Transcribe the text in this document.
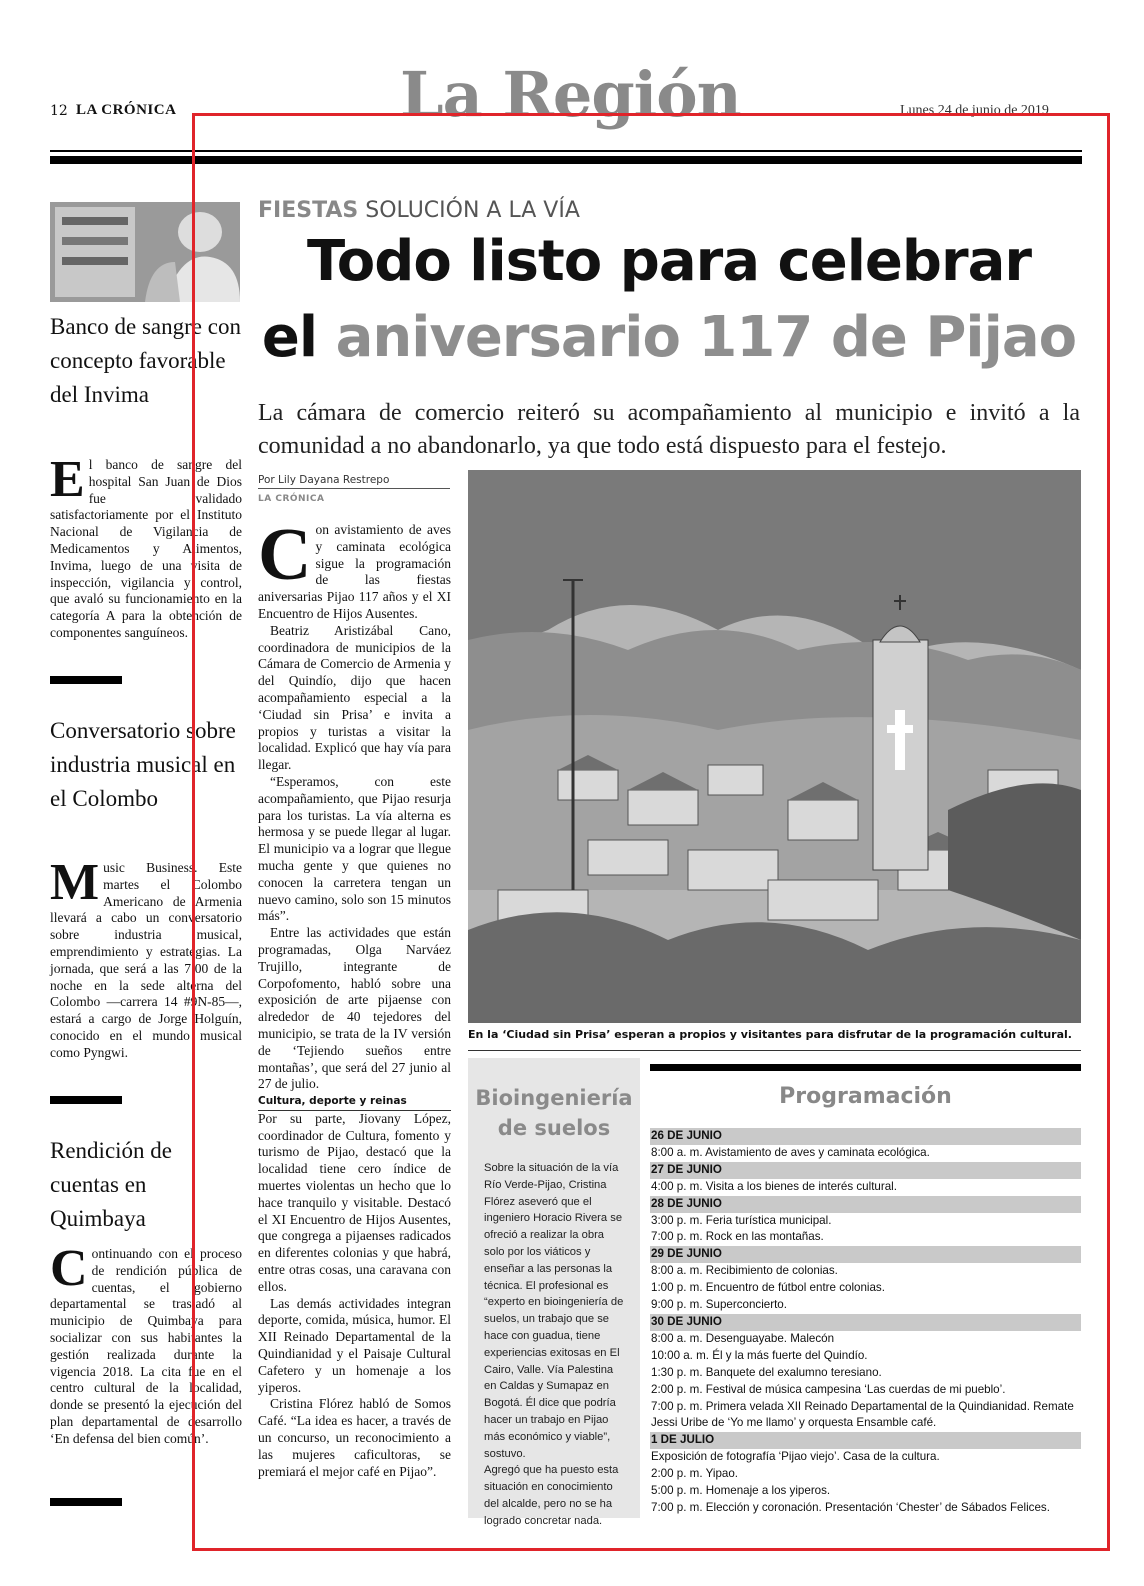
12 LA CRÓNICA	La Región	Lunes 24 de junio de 2019
Banco de sangre con concepto favorable del Invima
El banco de sangre del hospital San Juan de Dios fue validado satisfactoriamente por el Instituto Nacional de Vigilancia de Medicamentos y Alimentos, Invima, luego de una visita de inspección, vigilancia y control, que avaló su funcionamiento en la categoría A para la obtención de componentes sanguíneos.
Conversatorio sobre industria musical en el Colombo
Music Business. Este martes el Colombo Americano de Armenia llevará a cabo un conversatorio sobre industria musical, emprendimiento y estrategias. La jornada, que será a las 7:00 de la noche en la sede alterna del Colombo —carrera 14 #9N-85—, estará a cargo de Jorge Holguín, conocido en el mundo musical como Pyngwi.
Rendición de cuentas en Quimbaya
Continuando con el proceso de rendición pública de cuentas, el gobierno departamental se trasladó al municipio de Quimbaya para socializar con sus habitantes la gestión realizada durante la vigencia 2018. La cita fue en el centro cultural de la localidad, donde se presentó la ejecución del plan departamental de desarrollo ‘En defensa del bien común’.
FIESTAS SOLUCIÓN A LA VÍA
Todo listo para celebrar
el aniversario 117 de Pijao
La cámara de comercio reiteró su acompañamiento al municipio e invitó a la comunidad a no abandonarlo, ya que todo está dispuesto para el festejo.
Por Lily Dayana Restrepo
LA CRÓNICA

Con avistamiento de aves y caminata ecológica sigue la programación de las fiestas aniversarias Pijao 117 años y el XI Encuentro de Hijos Ausentes.

Beatriz Aristizábal Cano, coordinadora de municipios de la Cámara de Comercio de Armenia y del Quindío, dijo que hacen acompañamiento especial a la ‘Ciudad sin Prisa’ e invita a propios y turistas a visitar la localidad. Explicó que hay vía para llegar.

“Esperamos, con este acompañamiento, que Pijao resurja para los turistas. La vía alterna es hermosa y se puede llegar al lugar. El municipio va a lograr que llegue mucha gente y que quienes no conocen la carretera tengan un nuevo camino, solo son 15 minutos más”.

Entre las actividades que están programadas, Olga Narváez Trujillo, integrante de Corpofomento, habló sobre una exposición de arte pijaense con alrededor de 40 tejedores del municipio, se trata de la IV versión de ‘Tejiendo sueños entre montañas’, que será del 27 junio al 27 de julio.

Cultura, deporte y reinas

Por su parte, Jiovany López, coordinador de Cultura, fomento y turismo de Pijao, destacó que la localidad tiene cero índice de muertes violentas un hecho que lo hace tranquilo y visitable. Destacó el XI Encuentro de Hijos Ausentes, que congrega a pijaenses radicados en diferentes colonias y que habrá, entre otras cosas, una caravana con ellos.

Las demás actividades integran deporte, comida, música, humor. El XII Reinado Departamental de la Quindianidad y el Paisaje Cultural Cafetero y un homenaje a los yiperos.

Cristina Flórez habló de Somos Café. “La idea es hacer, a través de un concurso, un reconocimiento a las mujeres caficultoras, se premiará el mejor café en Pijao”.

En la ‘Ciudad sin Prisa’ esperan a propios y visitantes para disfrutar de la programación cultural.
Bioingeniería
de suelos

Sobre la situación de la vía Río Verde-Pijao, Cristina Flórez aseveró que el ingeniero Horacio Rivera se ofreció a realizar la obra solo por los viáticos y enseñar a las personas la técnica. El profesional es “experto en bioingeniería de suelos, un trabajo que se hace con guadua, tiene experiencias exitosas en El Cairo, Valle. Vía Palestina en Caldas y Sumapaz en Bogotá. Él dice que podría hacer un trabajo en Pijao más económico y viable”, sostuvo.

Agregó que ha puesto esta situación en conocimiento del alcalde, pero no se ha logrado concretar nada.

Programación
26 DE JUNIO
8:00 a. m. Avistamiento de aves y caminata ecológica.
27 DE JUNIO
4:00 p. m. Visita a los bienes de interés cultural.
28 DE JUNIO
3:00 p. m. Feria turística municipal.
7:00 p. m. Rock en las montañas.
29 DE JUNIO
8:00 a. m. Recibimiento de colonias.
1:00 p. m. Encuentro de fútbol entre colonias.
9:00 p. m. Superconcierto.
30 DE JUNIO
8:00 a. m. Desenguayabe. Malecón
10:00 a. m. Él y la más fuerte del Quindío.
1:30 p. m. Banquete del exalumno teresiano.
2:00 p. m. Festival de música campesina ‘Las cuerdas de mi pueblo’.
7:00 p. m. Primera velada XII Reinado Departamental de la Quindianidad. Remate Jessi Uribe de ‘Yo me llamo’ y orquesta Ensamble café.
1 DE JULIO
Exposición de fotografía ‘Pijao viejo’. Casa de la cultura.
2:00 p. m. Yipao.
5:00 p. m. Homenaje a los yiperos.
7:00 p. m. Elección y coronación. Presentación ‘Chester’ de Sábados Felices.
